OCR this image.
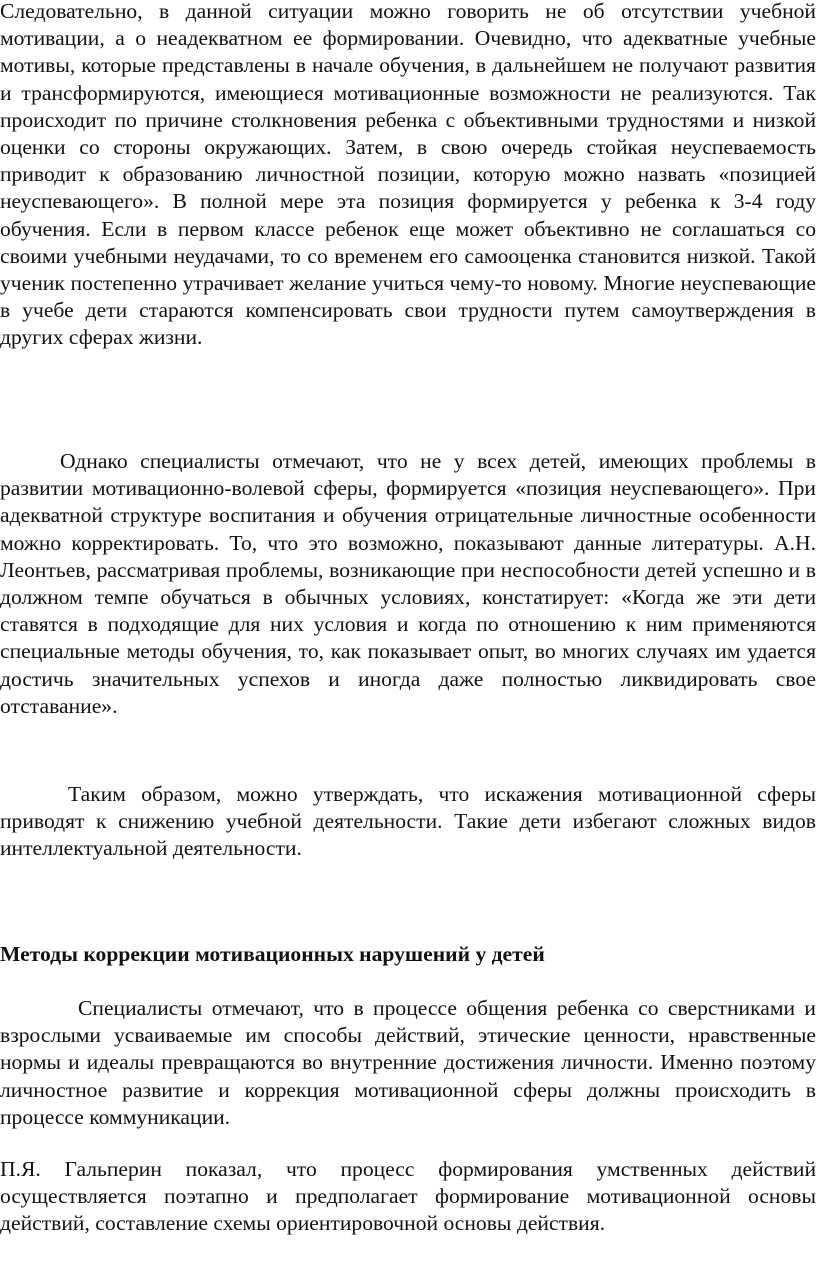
Следовательно, в данной ситуации можно говорить не об отсутствии учебной мотивации, а о неадекватном ее формировании. Очевидно, что адекватные учебные мотивы, которые представлены в начале обучения, в дальнейшем не получают развития и трансформируются, имеющиеся мотивационные возможности не реализуются. Так происходит по причине столкновения ребенка с объективными трудностями и низкой оценки со стороны окружающих. Затем, в свою очередь стойкая неуспеваемость приводит к образованию личностной позиции, которую можно назвать «позицией неуспевающего». В полной мере эта позиция формируется у ребенка к 3-4 году обучения. Если в первом классе ребенок еще может объективно не соглашаться со своими учебными неудачами, то со временем его самооценка становится низкой. Такой ученик постепенно утрачивает желание учиться чему-то новому. Многие неуспевающие в учебе дети стараются компенсировать свои трудности путем самоутверждения в других сферах жизни.

Однако специалисты отмечают, что не у всех детей, имеющих проблемы в развитии мотивационно-волевой сферы, формируется «позиция неуспевающего». При адекватной структуре воспитания и обучения отрицательные личностные особенности можно корректировать. То, что это возможно, показывают данные литературы. А.Н. Леонтьев, рассматривая проблемы, возникающие при неспособности детей успешно и в должном темпе обучаться в обычных условиях, констатирует: «Когда же эти дети ставятся в подходящие для них условия и когда по отношению к ним применяются специальные методы обучения, то, как показывает опыт, во многих случаях им удается достичь значительных успехов и иногда даже полностью ликвидировать свое отставание».

Таким образом, можно утверждать, что искажения мотивационной сферы приводят к снижению учебной деятельности. Такие дети избегают сложных видов интеллектуальной деятельности.

Методы коррекции мотивационных нарушений у детей

Специалисты отмечают, что в процессе общения ребенка со сверстниками и взрослыми усваиваемые им способы действий, этические ценности, нравственные нормы и идеалы превращаются во внутренние достижения личности. Именно поэтому личностное развитие и коррекция мотивационной сферы должны происходить в процессе коммуникации.

П.Я. Гальперин показал, что процесс формирования умственных действий осуществляется поэтапно и предполагает формирование мотивационной основы действий, составление схемы ориентировочной основы действия.
